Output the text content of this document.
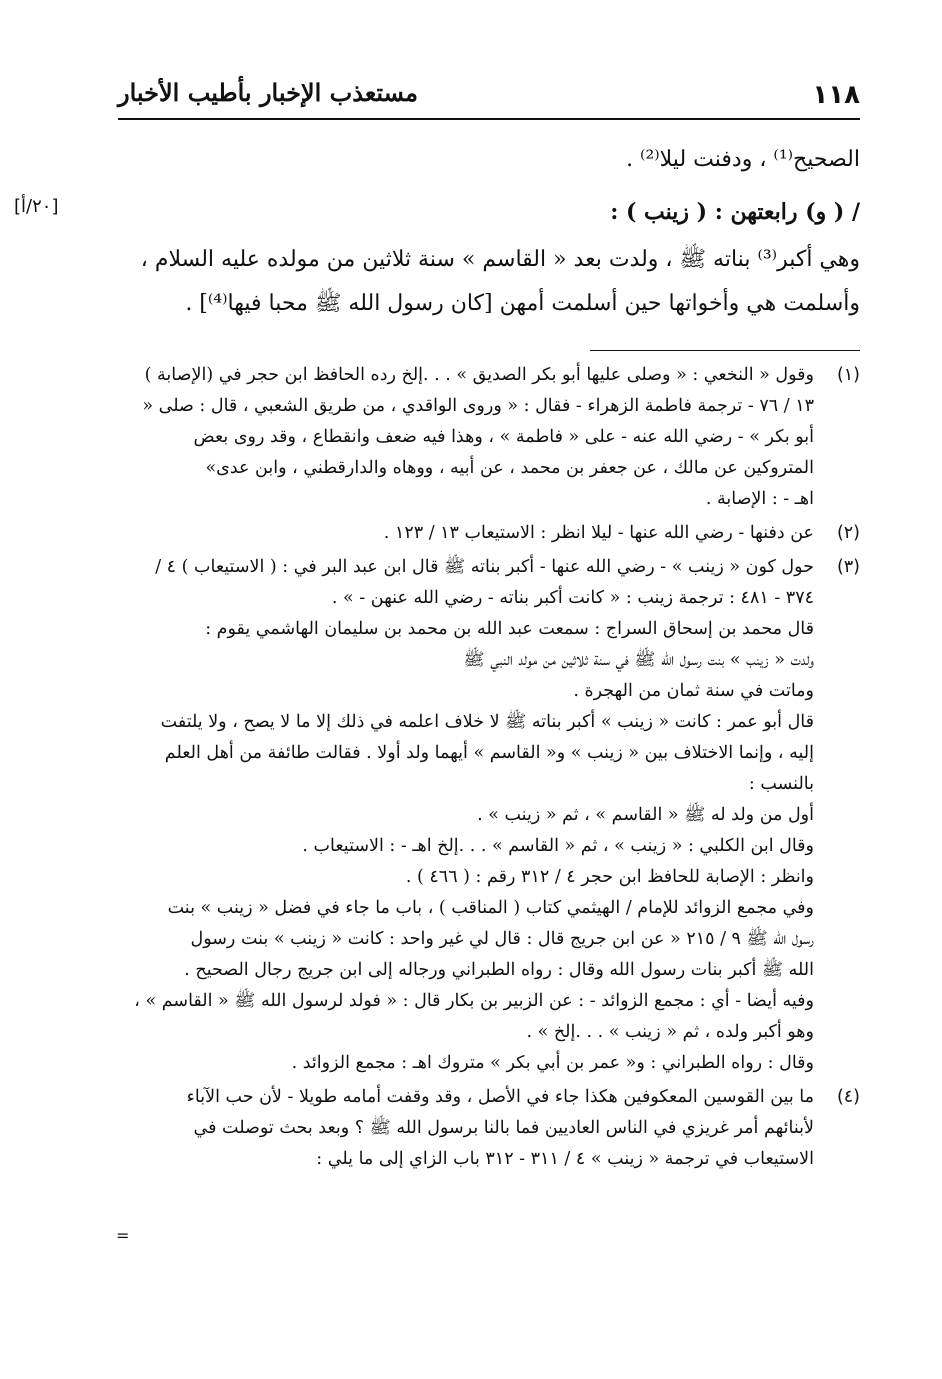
١١٨
مستعذب الإخبار بأطيب الأخبار

الصحيح⁽¹⁾ ، ودفنت ليلا⁽²⁾ .

[٢٠/أ]	/ ( و) رابعتهن : ( زينب ) :

وهي أكبر⁽³⁾ بناته ﷺ ، ولدت بعد « القاسم » سنة ثلاثين من مولده عليه السلام ،

وأسلمت هي وأخواتها حين أسلمت أمهن [كان رسول الله ﷺ محبا فيها⁽⁴⁾] .

(١)
وقول « النخعي : « وصلى عليها أبو بكر الصديق » . . .إلخ رده الحافظ ابن حجر في (الإصابة )
١٣ / ٧٦ - ترجمة فاطمة الزهراء - فقال : « وروى الواقدي ، من طريق الشعبي ، قال : صلى «
أبو بكر » - رضي الله عنه - على « فاطمة » ، وهذا فيه ضعف وانقطاع ، وقد روى بعض
المتروكين عن مالك ، عن جعفر بن محمد ، عن أبيه ، ووهاه والدارقطني ، وابن عدى»
اهـ - : الإصابة .
(٢)
عن دفنها - رضي الله عنها - ليلا انظر : الاستيعاب ١٣ / ١٢٣ .
(٣)
حول كون « زينب » - رضي الله عنها - أكبر بناته ﷺ قال ابن عبد البر في : ( الاستيعاب ) ٤ /
٣٧٤ - ٤٨١ : ترجمة زينب : « كانت أكبر بناته - رضي الله عنهن - » .
قال محمد بن إسحاق السراج : سمعت عبد الله بن محمد بن سليمان الهاشمي يقوم :
ولدت « زينب » بنت رسول الله ﷺ في سنة ثلاثين من مولد النبي ﷺ
وماتت في سنة ثمان من الهجرة .
قال أبو عمر : كانت « زينب » أكبر بناته ﷺ لا خلاف اعلمه في ذلك إلا ما لا يصح ، ولا يلتفت
إليه ، وإنما الاختلاف بين « زينب » و« القاسم » أيهما ولد أولا . فقالت طائفة من أهل العلم
بالنسب :
أول من ولد له ﷺ « القاسم » ، ثم « زينب » .
وقال ابن الكلبي : « زينب » ، ثم « القاسم » . . .إلخ اهـ - : الاستيعاب .
وانظر : الإصابة للحافظ ابن حجر ٤ / ٣١٢ رقم : ( ٤٦٦ ) .
وفي مجمع الزوائد للإمام / الهيثمي كتاب ( المناقب ) ، باب ما جاء في فضل « زينب » بنت
رسول الله ﷺ ٩ / ٢١٥ « عن ابن جريج قال : قال لي غير واحد : كانت « زينب » بنت رسول
الله ﷺ أكبر بنات رسول الله وقال : رواه الطبراني ورجاله إلى ابن جريج رجال الصحيح .
وفيه أيضا - أي : مجمع الزوائد - : عن الزبير بن بكار قال : « فولد لرسول الله ﷺ « القاسم » ،
وهو أكبر ولده ، ثم « زينب » . . .إلخ » .
وقال : رواه الطبراني : و« عمر بن أبي بكر » متروك اهـ : مجمع الزوائد .
(٤)
ما بين القوسين المعكوفين هكذا جاء في الأصل ، وقد وقفت أمامه طويلا - لأن حب الآباء
لأبنائهم أمر غريزي في الناس العاديين فما بالنا برسول الله ﷺ ؟ وبعد بحث توصلت في
الاستيعاب في ترجمة « زينب » ٤ / ٣١١ - ٣١٢ باب الزاي إلى ما يلي :
=
